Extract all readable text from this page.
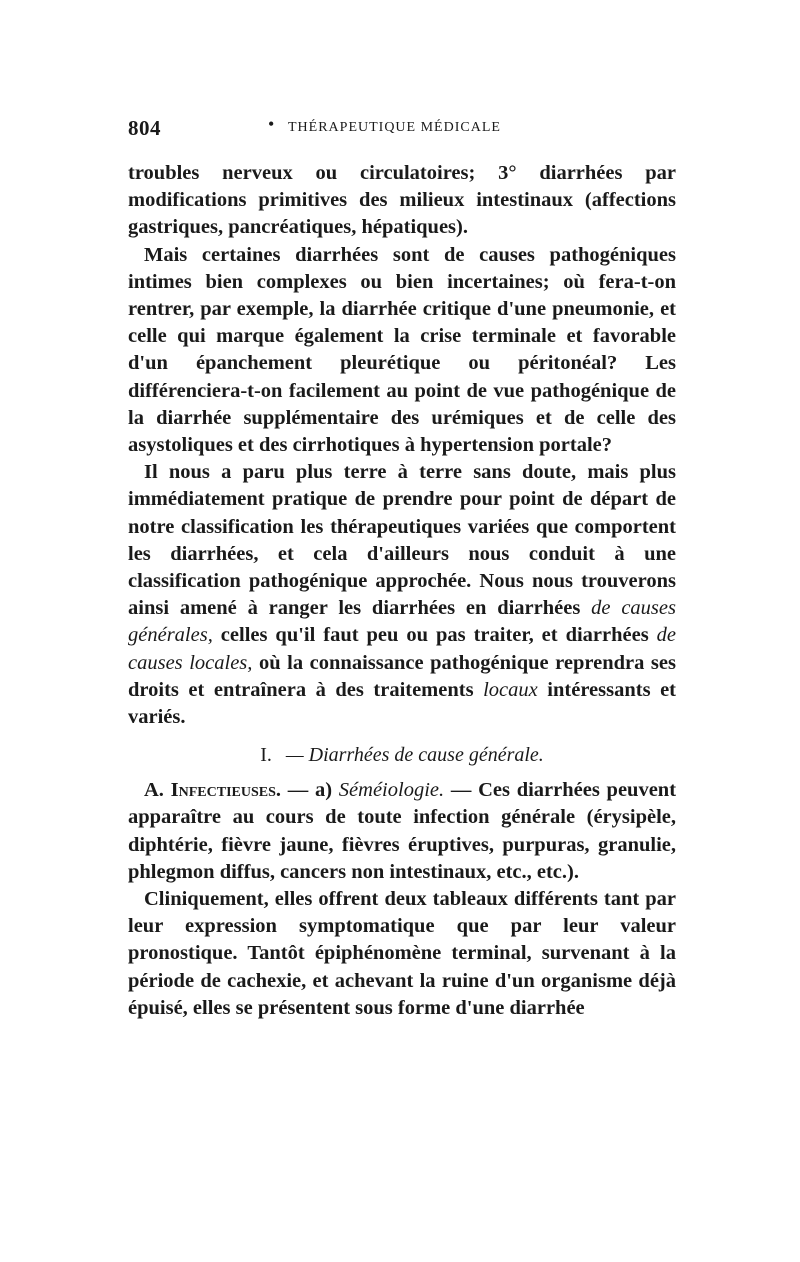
804	• THÉRAPEUTIQUE MÉDICALE

troubles nerveux ou circulatoires; 3° diarrhées par modifications primitives des milieux intestinaux (affections gastriques, pancréatiques, hépatiques).

Mais certaines diarrhées sont de causes pathogéniques intimes bien complexes ou bien incertaines; où fera-t-on rentrer, par exemple, la diarrhée critique d'une pneumonie, et celle qui marque également la crise terminale et favorable d'un épanchement pleurétique ou péritonéal? Les différenciera-t-on facilement au point de vue pathogénique de la diarrhée supplémentaire des urémiques et de celle des asystoliques et des cirrhotiques à hypertension portale?

Il nous a paru plus terre à terre sans doute, mais plus immédiatement pratique de prendre pour point de départ de notre classification les thérapeutiques variées que comportent les diarrhées, et cela d'ailleurs nous conduit à une classification pathogénique approchée. Nous nous trouverons ainsi amené à ranger les diarrhées en diarrhées de causes générales, celles qu'il faut peu ou pas traiter, et diarrhées de causes locales, où la connaissance pathogénique reprendra ses droits et entraînera à des traitements locaux intéressants et variés.

I. — Diarrhées de cause générale.

A. Infectieuses. — a) Séméiologie. — Ces diarrhées peuvent apparaître au cours de toute infection générale (érysipèle, diphtérie, fièvre jaune, fièvres éruptives, purpuras, granulie, phlegmon diffus, cancers non intestinaux, etc., etc.).

Cliniquement, elles offrent deux tableaux différents tant par leur expression symptomatique que par leur valeur pronostique. Tantôt épiphénomène terminal, survenant à la période de cachexie, et achevant la ruine d'un organisme déjà épuisé, elles se présentent sous forme d'une diarrhée
